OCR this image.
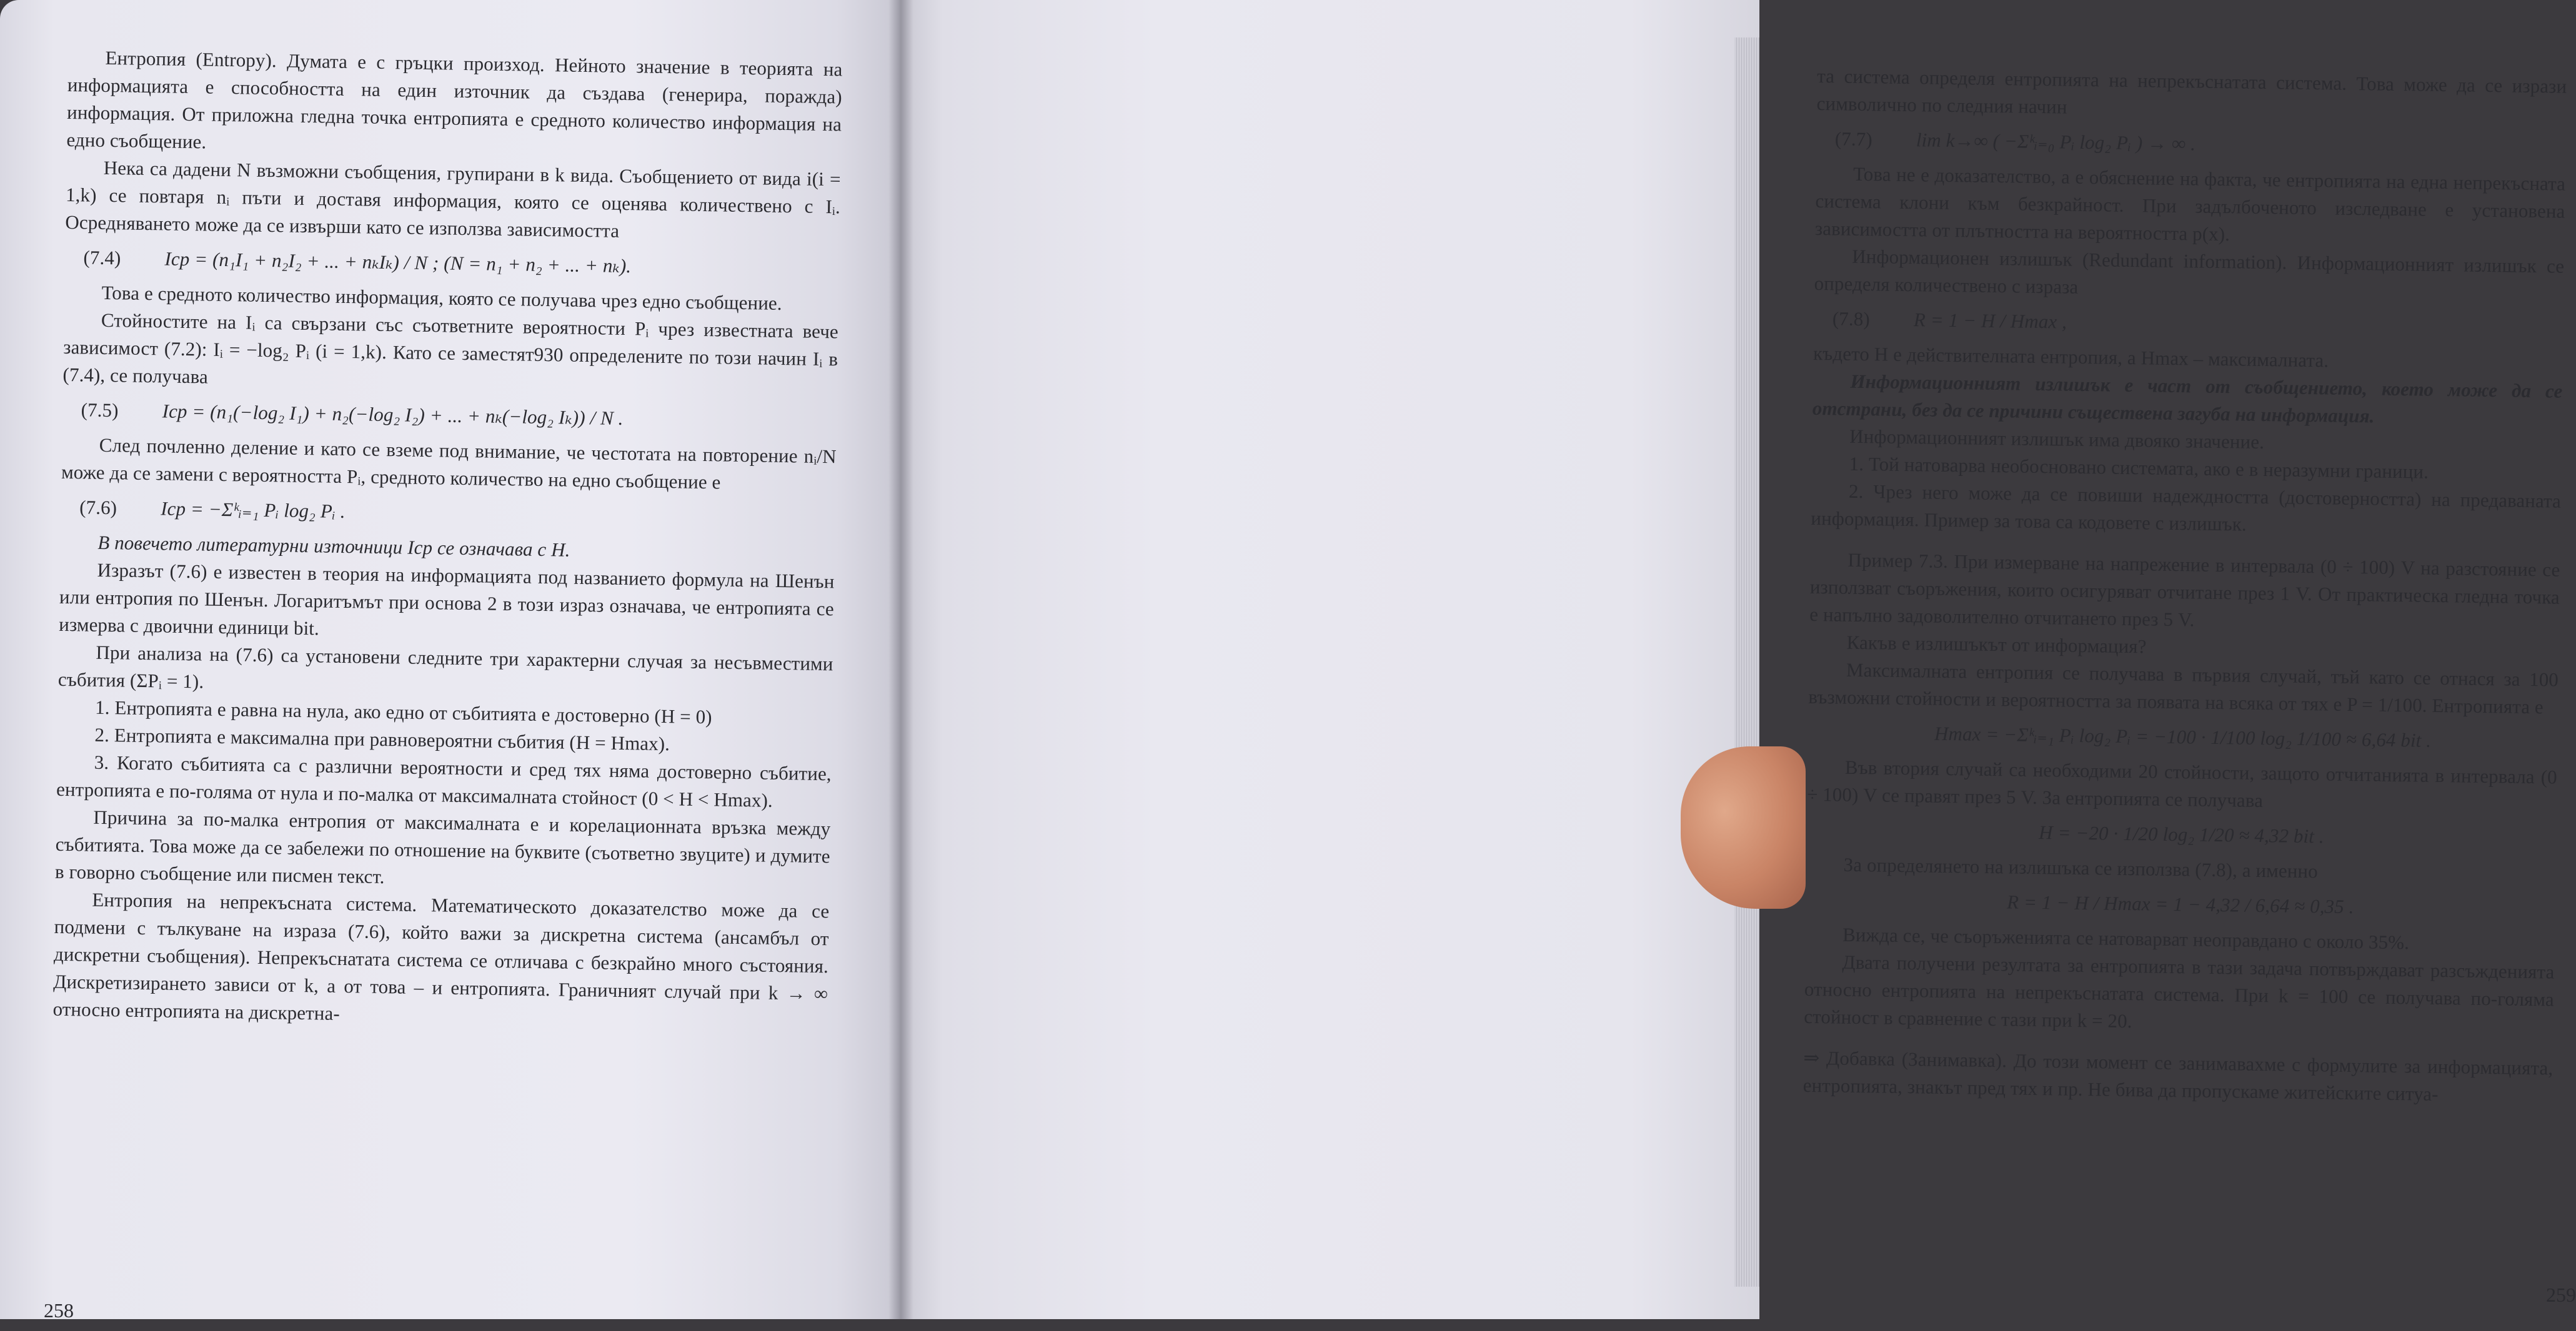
Ентропия (Entropy). Думата е с гръцки произход. Нейното значение в теорията на информацията е способността на един източник да създава (генерира, поражда) информация. От приложна гледна точка ентропията е средното количество информация на едно съобщение.

Нека са дадени N възможни съобщения, групирани в k вида. Съобщението от вида i(i = 1,k) се повтаря nᵢ пъти и доставя информация, която се оценява количествено с Iᵢ. Осредняването може да се извърши като се използва зависимостта

(7.4)	Iср = (n₁I₁ + n₂I₂ + ... + nₖIₖ) / N ; (N = n₁ + n₂ + ... + nₖ).

Това е средното количество информация, която се получава чрез едно съобщение.

Стойностите на Iᵢ са свързани със съответните вероятности Pᵢ чрез известната вече зависимост (7.2): Iᵢ = −log₂ Pᵢ (i = 1,k). Като се заместят930 определените по този начин Iᵢ в (7.4), се получава

(7.5)	Iср = (n₁(−log₂ I₁) + n₂(−log₂ I₂) + ... + nₖ(−log₂ Iₖ)) / N .

След почленно деление и като се вземе под внимание, че честотата на повторение nᵢ/N може да се замени с вероятността Pᵢ, средното количество на едно съобщение е

(7.6)	Iср = −Σᵏᵢ₌₁ Pᵢ log₂ Pᵢ .

В повечето литературни източници Iср се означава с H.

Изразът (7.6) е известен в теория на информацията под названието формула на Шенън или ентропия по Шенън. Логаритъмът при основа 2 в този израз означава, че ентропията се измерва с двоични единици bit.

При анализа на (7.6) са установени следните три характерни случая за несъвместими събития (ΣPᵢ = 1).

1. Ентропията е равна на нула, ако едно от събитията е достоверно (H = 0)

2. Ентропията е максимална при равновероятни събития (H = Hmax).

3. Когато събитията са с различни вероятности и сред тях няма достоверно събитие, ентропията е по-голяма от нула и по-малка от максималната стойност (0 < H < Hmax).

Причина за по-малка ентропия от максималната е и корелационната връзка между събитията. Това може да се забележи по отношение на буквите (съответно звуците) и думите в говорно съобщение или писмен текст.

Ентропия на непрекъсната система. Математическото доказателство може да се подмени с тълкуване на израза (7.6), който важи за дискретна система (ансамбъл от дискретни съобщения). Непрекъснатата система се отличава с безкрайно много състояния. Дискретизирането зависи от k, а от това – и ентропията. Граничният случай при k → ∞ относно ентропията на дискретна-

258

та система определя ентропията на непрекъснатата система. Това може да се изрази символично по следния начин

(7.7)	lim k→∞ ( −Σᵏᵢ₌₀ Pᵢ log₂ Pᵢ ) → ∞ .

Това не е доказателство, а е обяснение на факта, че ентропията на една непрекъсната система клони към безкрайност. При задълбоченото изследване е установена зависимостта от плътността на вероятността p(x).

Информационен излишък (Redundant information). Информационният излишък се определя количествено с израза

(7.8)	R = 1 − H / Hmax ,

където H е действителната ентропия, а Hmax – максималната.

Информационният излишък е част от съобщението, което може да се отстрани, без да се причини съществена загуба на информация.

Информационният излишък има двояко значение.

1. Той натоварва необосновано системата, ако е в неразумни граници.

2. Чрез него може да се повиши надеждността (достоверността) на предаваната информация. Пример за това са кодовете с излишък.

Пример 7.3. При измерване на напрежение в интервала (0 ÷ 100) V на разстояние се използват съоръжения, които осигуряват отчитане през 1 V. От практическа гледна точка е напълно задоволително отчитането през 5 V.

Какъв е излишъкът от информация?

Максималната ентропия се получава в първия случай, тъй като се отнася за 100 възможни стойности и вероятността за появата на всяка от тях е P = 1/100. Ентропията е

Hmax = −Σᵏᵢ₌₁ Pᵢ log₂ Pᵢ = −100 · 1/100 log₂ 1/100 ≈ 6,64 bit .

Във втория случай са необходими 20 стойности, защото отчитанията в интервала (0 ÷ 100) V се правят през 5 V. За ентропията се получава

H = −20 · 1/20 log₂ 1/20 ≈ 4,32 bit .

За определянето на излишъка се използва (7.8), а именно

R = 1 − H / Hmax = 1 − 4,32 / 6,64 ≈ 0,35 .

Вижда се, че съоръженията се натоварват неоправдано с около 35%.

Двата получени резултата за ентропията в тази задача потвърждават разсъжденията относно ентропията на непрекъснатата система. При k = 100 се получава по-голяма стойност в сравнение с тази при k = 20.

⇒ Добавка (Занимавка). До този момент се занимавахме с формулите за информацията, ентропията, знакът пред тях и пр. Не бива да пропускаме житейските ситуа-

259
